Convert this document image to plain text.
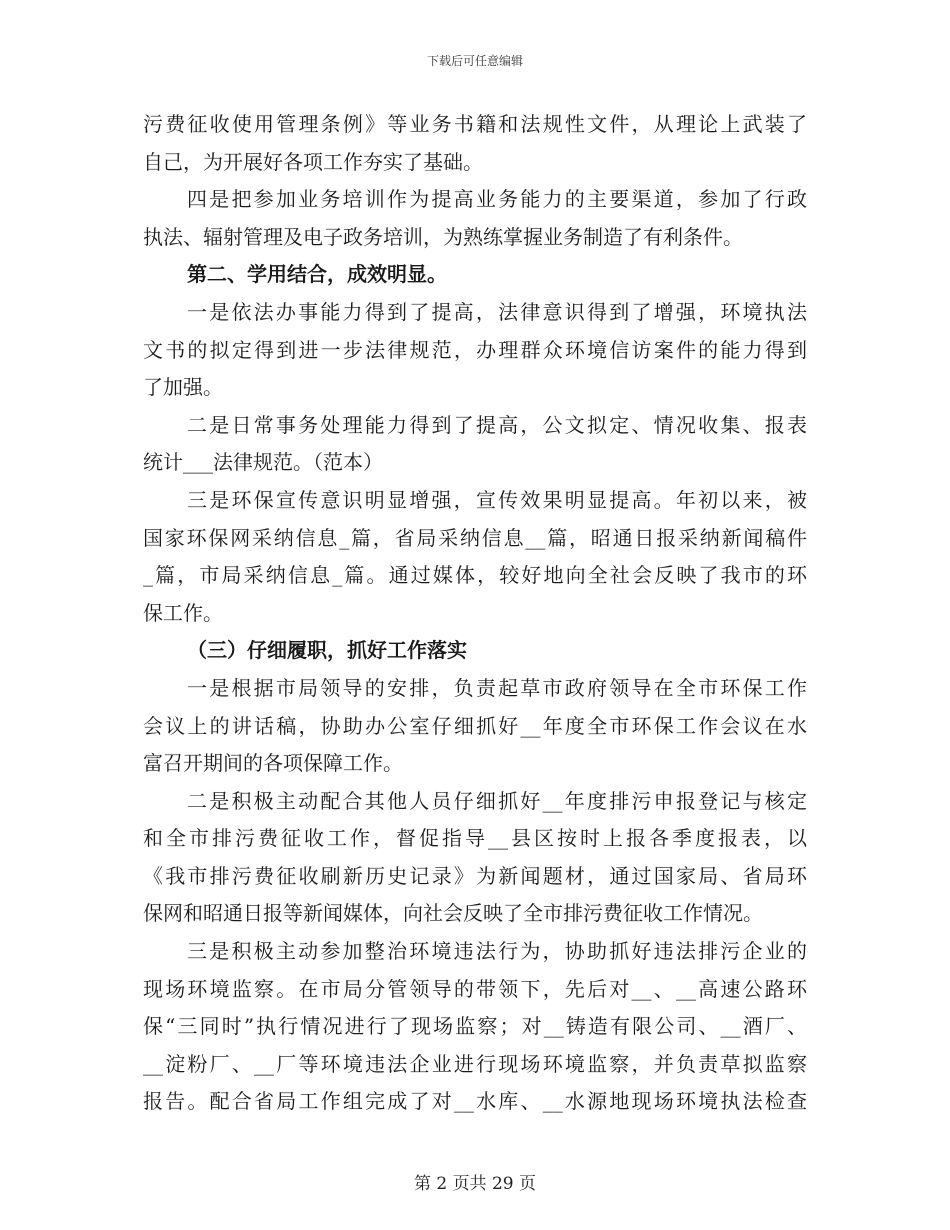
下载后可任意编辑
污费征收使用管理条例》等业务书籍和法规性文件，从理论上武装了
自己，为开展好各项工作夯实了基础。
四是把参加业务培训作为提高业务能力的主要渠道，参加了行政
执法、辐射管理及电子政务培训，为熟练掌握业务制造了有利条件。
第二、学用结合，成效明显。
一是依法办事能力得到了提高，法律意识得到了增强，环境执法
文书的拟定得到进一步法律规范，办理群众环境信访案件的能力得到
了加强。
二是日常事务处理能力得到了提高，公文拟定、情况收集、报表
统计___法律规范。（范本）
三是环保宣传意识明显增强，宣传效果明显提高。年初以来，被
国家环保网采纳信息_篇，省局采纳信息__篇，昭通日报采纳新闻稿件
_篇，市局采纳信息_篇。通过媒体，较好地向全社会反映了我市的环
保工作。
（三）仔细履职，抓好工作落实
一是根据市局领导的安排，负责起草市政府领导在全市环保工作
会议上的讲话稿，协助办公室仔细抓好__年度全市环保工作会议在水
富召开期间的各项保障工作。
二是积极主动配合其他人员仔细抓好__年度排污申报登记与核定
和全市排污费征收工作，督促指导__县区按时上报各季度报表，以
《我市排污费征收刷新历史记录》为新闻题材，通过国家局、省局环
保网和昭通日报等新闻媒体，向社会反映了全市排污费征收工作情况。
三是积极主动参加整治环境违法行为，协助抓好违法排污企业的
现场环境监察。在市局分管领导的带领下，先后对__、__高速公路环
保“三同时”执行情况进行了现场监察；对__铸造有限公司、__酒厂、
__淀粉厂、__厂等环境违法企业进行现场环境监察，并负责草拟监察
报告。配合省局工作组完成了对__水库、__水源地现场环境执法检查
第 2 页共 29 页
